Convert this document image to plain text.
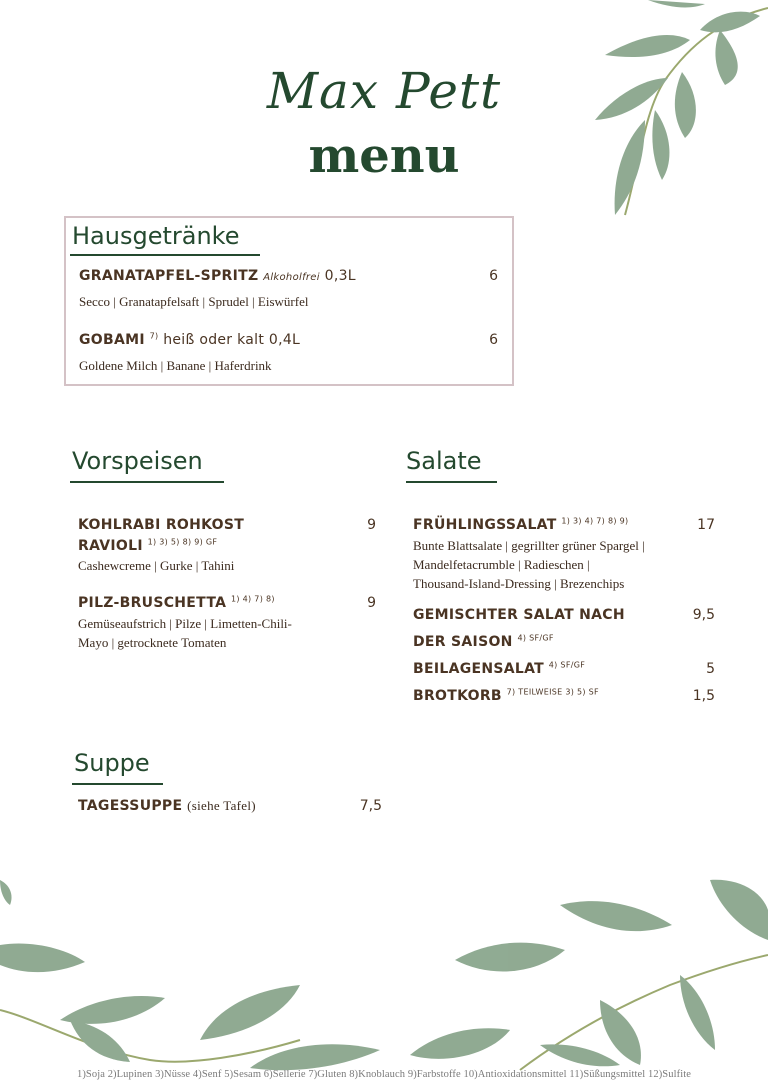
Max Pett
menu
Hausgetränke
GRANATAPFEL-SPRITZ Alkoholfrei 0,3L	6
Secco | Granatapfelsaft | Sprudel | Eiswürfel
GOBAMI $^{7)}$ heiß oder kalt 0,4L	6
Goldene Milch | Banane | Haferdrink
Vorspeisen
KOHLRABI ROHKOST
RAVIOLI $^{1) 3) 5) 8) 9) GF}$
9
Cashewcreme | Gurke | Tahini
PILZ-BRUSCHETTA $^{1) 4) 7) 8)}$	9
Gemüseaufstrich | Pilze | Limetten-Chili-
Mayo | getrocknete Tomaten
Salate
FRÜHLINGSSALAT $^{1) 3) 4) 7) 8) 9)}$	17
Bunte Blattsalate | gegrillter grüner Spargel |
Mandelfetacrumble | Radieschen |
Thousand-Island-Dressing | Brezenchips
GEMISCHTER SALAT NACH
DER SAISON $^{4) SF/GF}$
9,5
BEILAGENSALAT $^{4) SF/GF}$	5
BROTKORB $^{7) TEILWEISE 3) 5) SF}$	1,5
Suppe
TAGESSUPPE (siehe Tafel)	7,5
1)Soja 2)Lupinen 3)Nüsse 4)Senf 5)Sesam 6)Sellerie 7)Gluten 8)Knoblauch 9)Farbstoffe 10)Antioxidationsmittel 11)Süßungsmittel 12)Sulfite
